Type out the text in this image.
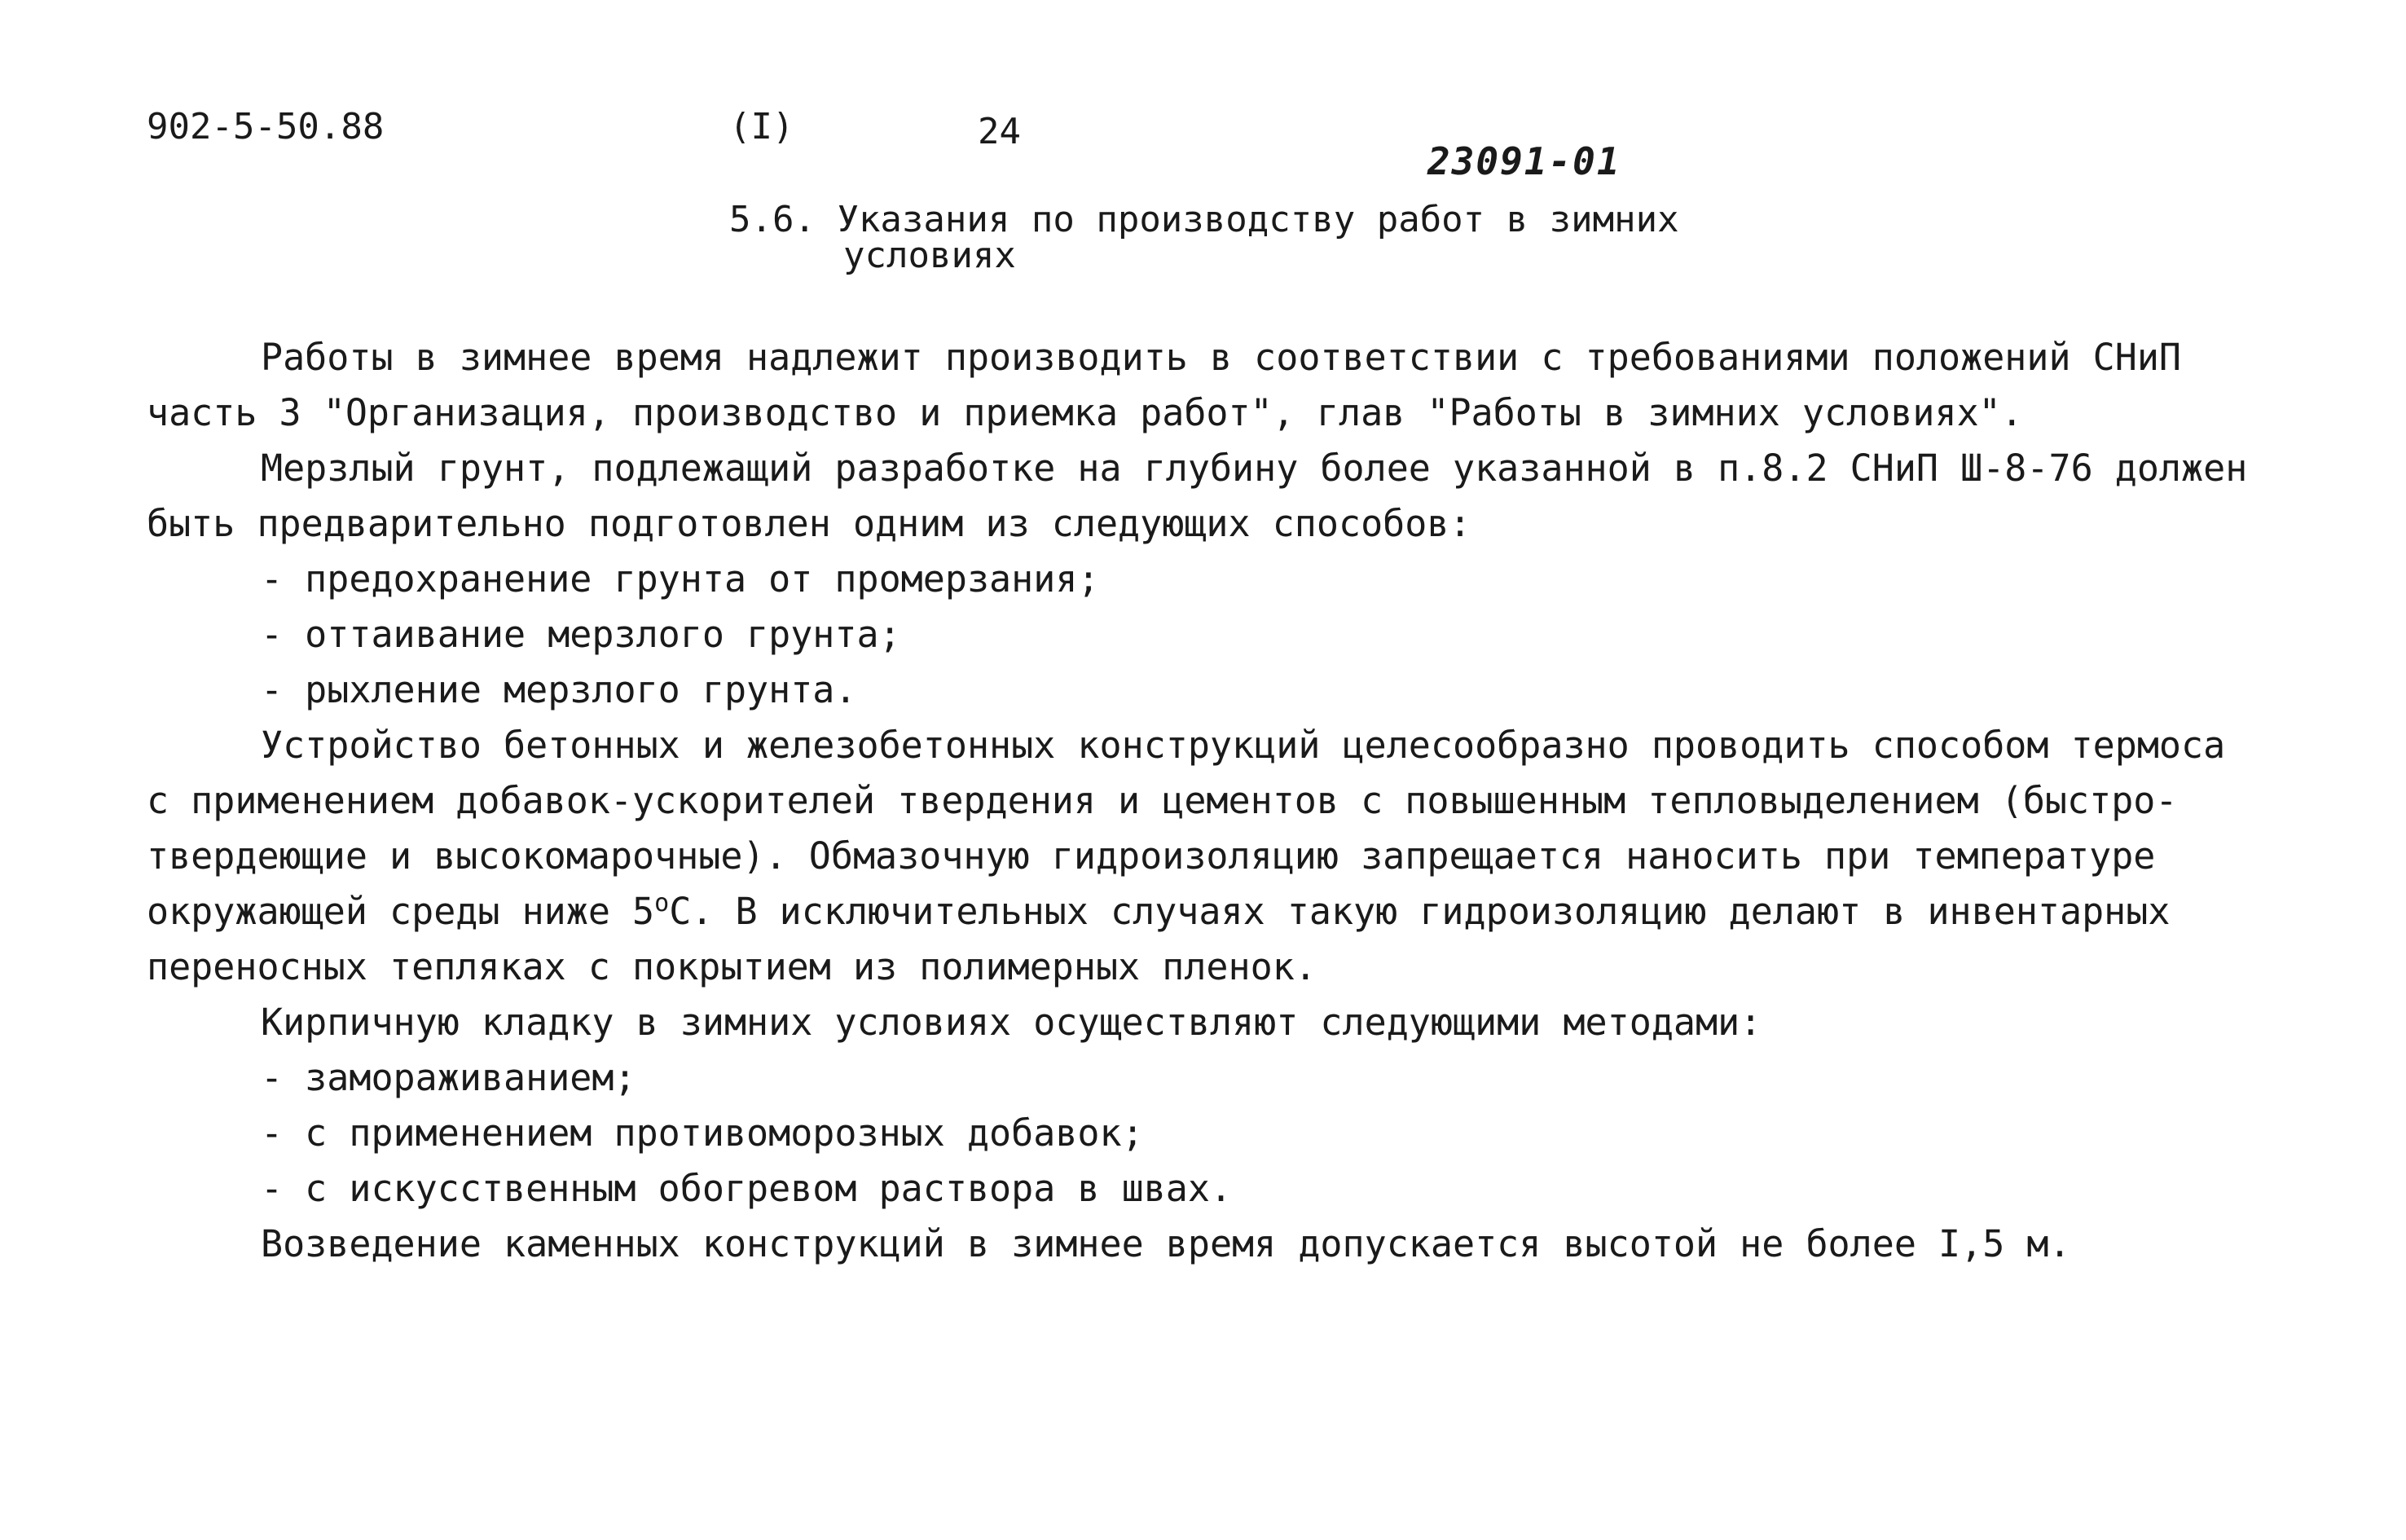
902-5-50.88	(I)	24
23091-01
5.6. Указания по производству работ в зимних
условиях
Работы в зимнее время надлежит производить в соответствии с требованиями положений СНиП
часть 3 "Организация, производство и приемка работ", глав "Работы в зимних условиях".
Мерзлый грунт, подлежащий разработке на глубину более указанной в п.8.2 СНиП Ш-8-76 должен
быть предварительно подготовлен одним из следующих способов:
- предохранение грунта от промерзания;
- оттаивание мерзлого грунта;
- рыхление мерзлого грунта.
Устройство бетонных и железобетонных конструкций целесообразно проводить способом термоса
с применением добавок-ускорителей твердения и цементов с повышенным тепловыделением (быстро-
твердеющие и высокомарочные). Обмазочную гидроизоляцию запрещается наносить при температуре
окружающей среды ниже $5^оС$. В исключительных случаях такую гидроизоляцию делают в инвентарных
переносных тепляках с покрытием из полимерных пленок.
Кирпичную кладку в зимних условиях осуществляют следующими методами:
- замораживанием;
- с применением противоморозных добавок;
- с искусственным обогревом раствора в швах.
Возведение каменных конструкций в зимнее время допускается высотой не более I,5 м.
